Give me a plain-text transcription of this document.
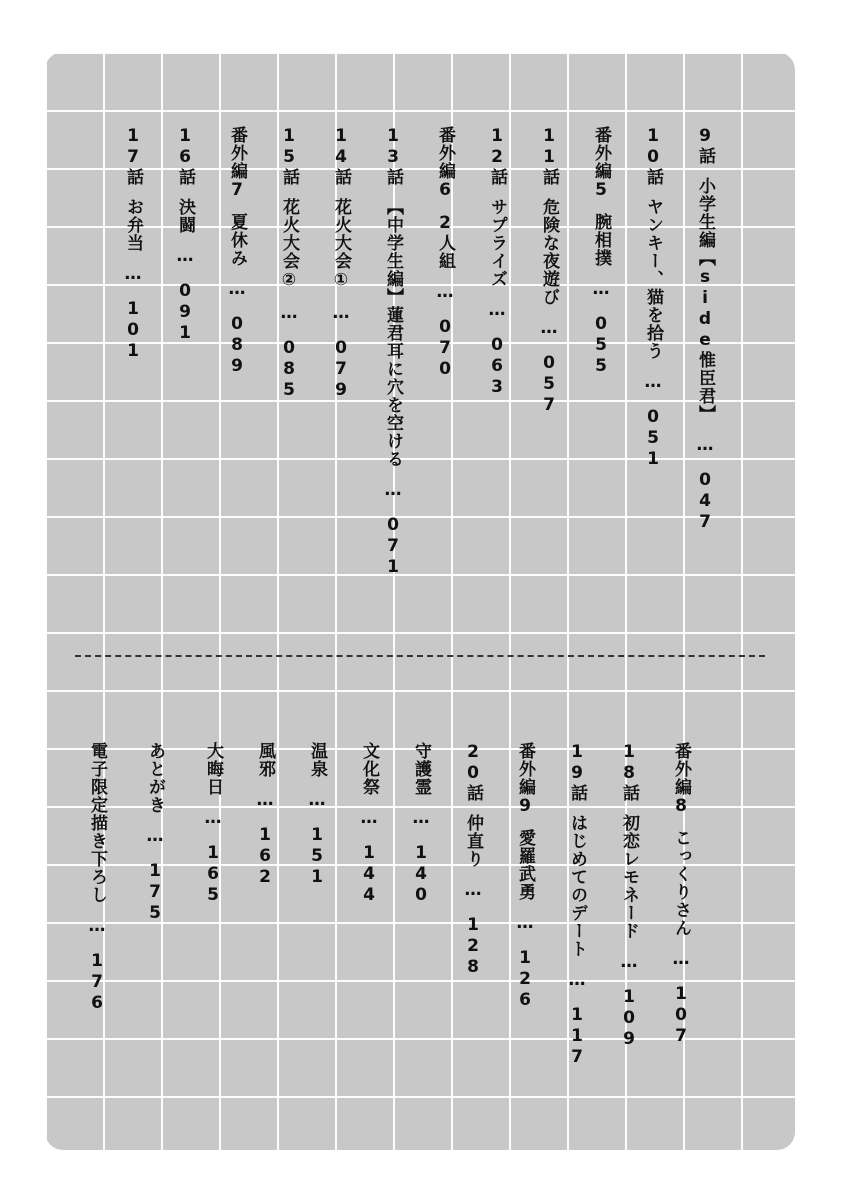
9話小学生編【side惟臣君】…047
10話ヤンキー、猫を拾う…051
番外編5腕相撲…055
11話危険な夜遊び…057
12話サプライズ…063
番外編62人組…070
13話【中学生編】蓮君耳に穴を空ける…071
14話花火大会①…079
15話花火大会②…085
番外編7夏休み…089
16話決闘…091
17話お弁当…101
番外編8こっくりさん…107
18話初恋レモネード…109
19話はじめてのデート…117
番外編9愛羅武勇…126
20話仲直り…128
守護霊…140
文化祭…144
温泉…151
風邪…162
大晦日…165
あとがき…175
電子限定描き下ろし…176
